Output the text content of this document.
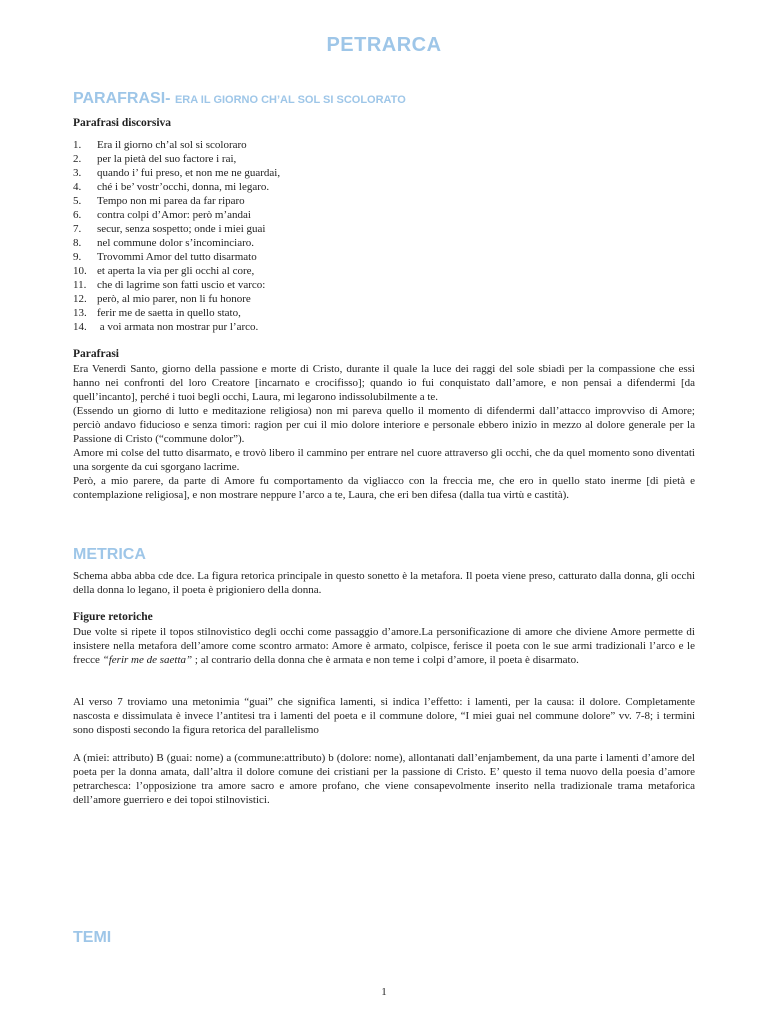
PETRARCA
PARAFRASI- ERA IL GIORNO CH’AL SOL SI SCOLORATO
Parafrasi discorsiva
1. Era il giorno ch’al sol si scoloraro
2. per la pietà del suo factore i rai,
3. quando i’ fui preso, et non me ne guardai,
4. ché i be’ vostr’occhi, donna, mi legaro.
5. Tempo non mi parea da far riparo
6. contra colpi d’Amor: però m’andai
7. secur, senza sospetto; onde i miei guai
8. nel commune dolor s’incominciaro.
9. Trovommi Amor del tutto disarmato
10. et aperta la via per gli occhi al core,
11. che di lagrime son fatti uscio et varco:
12. però, al mio parer, non li fu honore
13. ferir me de saetta in quello stato,
14. a voi armata non mostrar pur l’arco.
Parafrasi
Era Venerdì Santo, giorno della passione e morte di Cristo, durante il quale la luce dei raggi del sole sbiadì per la compassione che essi hanno nei confronti del loro Creatore [incarnato e crocifisso]; quando io fui conquistato dall’amore, e non pensai a difendermi [da quell’incanto], perché i tuoi begli occhi, Laura, mi legarono indissolubilmente a te.
(Essendo un giorno di lutto e meditazione religiosa) non mi pareva quello il momento di difendermi dall’attacco improvviso di Amore; perciò andavo fiducioso e senza timori: ragion per cui il mio dolore interiore e personale ebbero inizio in mezzo al dolore generale per la Passione di Cristo (“commune dolor”).
Amore mi colse del tutto disarmato, e trovò libero il cammino per entrare nel cuore attraverso gli occhi, che da quel momento sono diventati una sorgente da cui sgorgano lacrime.
Però, a mio parere, da parte di Amore fu comportamento da vigliacco con la freccia me, che ero in quello stato inerme [di pietà e contemplazione religiosa], e non mostrare neppure l’arco a te, Laura, che eri ben difesa (dalla tua virtù e castità).
METRICA
Schema abba abba cde dce. La figura retorica principale in questo sonetto è la metafora. Il poeta viene preso, catturato dalla donna, gli occhi della donna lo legano, il poeta è prigioniero della donna.
Figure retoriche
Due volte si ripete il topos stilnovistico degli occhi come passaggio d’amore.La personificazione di amore che diviene Amore permette di insistere nella metafora dell’amore come scontro armato: Amore è armato, colpisce, ferisce il poeta con le sue armi tradizionali l’arco e le frecce “ferir me de saetta” ; al contrario della donna che è armata e non teme i colpi d’amore, il poeta è disarmato.
Al verso 7 troviamo una metonimia “guai” che significa lamenti, si indica l’effetto: i lamenti, per la causa: il dolore. Completamente nascosta e dissimulata è invece l’antitesi tra i lamenti del poeta e il commune dolore, “I miei guai nel commune dolore” vv. 7-8; i termini sono disposti secondo la figura retorica del parallelismo
A (miei: attributo) B (guai: nome) a (commune:attributo) b (dolore: nome), allontanati dall’enjambement, da una parte i lamenti d’amore del poeta per la donna amata, dall’altra il dolore comune dei cristiani per la passione di Cristo. E’ questo il tema nuovo della poesia d’amore petrarchesca: l’opposizione tra amore sacro e amore profano, che viene consapevolmente inserito nella tradizionale trama metaforica dell’amore guerriero e dei topoi stilnovistici.
TEMI
1
